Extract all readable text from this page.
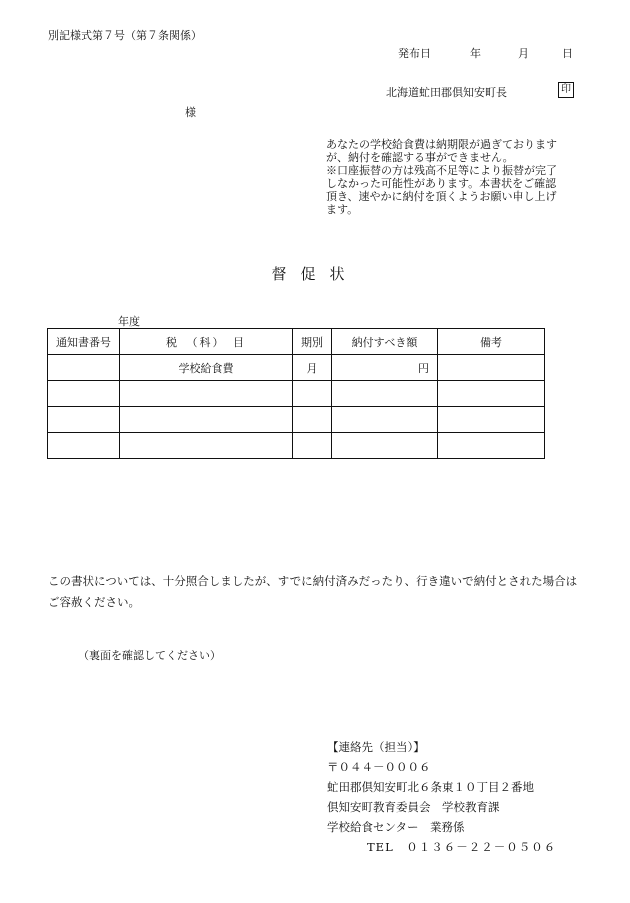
別記様式第７号（第７条関係）
発布日	年	月	日
北海道虻田郡倶知安町長	印
様

あなたの学校給食費は納期限が過ぎております

が、納付を確認する事ができません。

※口座振替の方は残高不足等により振替が完了

しなかった可能性があります。本書状をご確認

頂き、速やかに納付を頂くようお願い申し上げ

ます。

督促状
年度
通知書番号	税　（科）　目	期別	納付すべき額	備考
	学校給食費	月	円	

この書状については、十分照合しましたが、すでに納付済みだったり、行き違いで納付とされた場合はご容赦ください。
（裏面を確認してください）
【連絡先（担当）】
〒０４４－０００６
虻田郡倶知安町北６条東１０丁目２番地
倶知安町教育委員会　学校教育課
学校給食センター　業務係
TEL　０１３６－２２－０５０６
